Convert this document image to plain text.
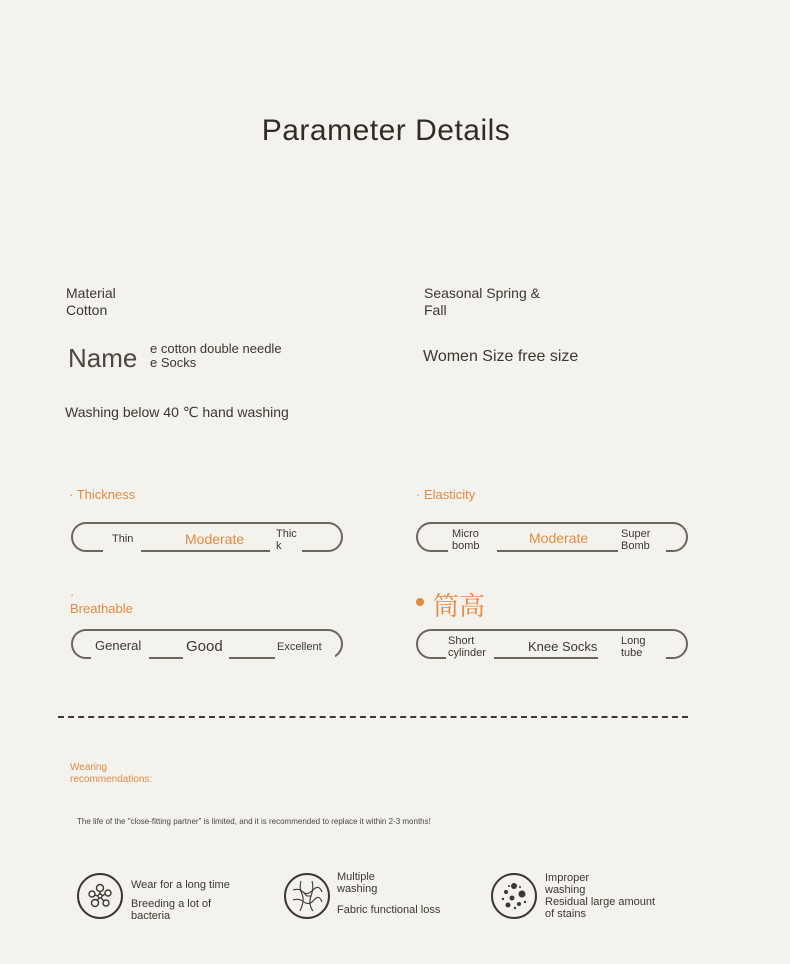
Parameter Details
Material
Cotton
Seasonal Spring & Fall
Name e cotton double needle
e Socks	Women Size free size
Washing below 40 ℃ hand washing
· Thickness
Thin	Moderate	Thic
k
· Elasticity
Micro
bomb	Moderate	Super
Bomb
·
Breathable
General	Good	Excellent
筒高
Short
cylinder	Knee Socks Long
tube
Wearing
recommendations:
The life of the "close-fitting partner" is limited, and it is recommended to replace it within 2-3 months!
Wear for a long time
Breeding a lot of
bacteria
Multiple
washing
Fabric functional loss
Improper
washing
Residual large amount
of stains
